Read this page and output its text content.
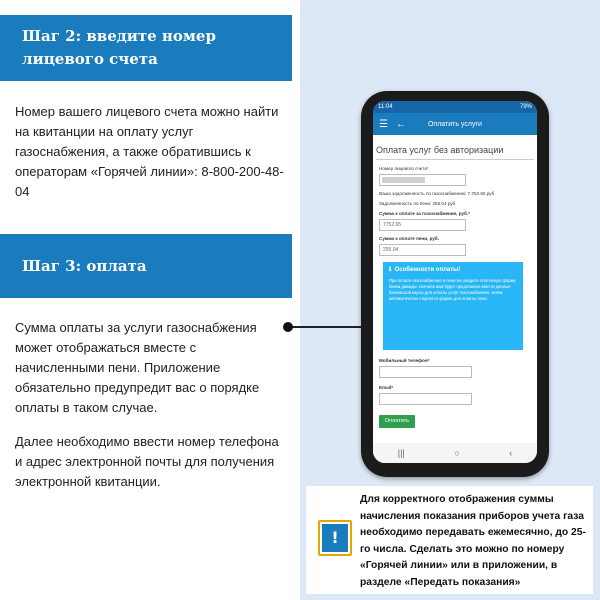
Шаг 2: введите номер лицевого счета

Номер вашего лицевого счета можно найти на квитанции на оплату услуг газоснабжения, а также обратившись к операторам «Горячей линии»: 8-800-200-48-04

Шаг 3: оплата

Сумма оплаты за услуги газоснабжения может отображаться вместе с начисленными пени. Приложение обязательно предупредит вас о порядке оплаты в таком случае.

Далее необходимо ввести номер телефона и адрес электронной почты для получения электронной квитанции.

11:04	79%
☰ ←	Оплатить услуги
Оплата услуг без авторизации
Номер лицевого счета*
Ваша задолженность по газоснабжению: 7,752.65 руб
Задолженность по пени: 255.04 руб
Сумма к оплате за газоснабжение, руб.*
7752.65
Сумма к оплате пени, руб.
255.04
ℹ Особенности оплаты!
При оплате газоснабжения и пени вы увидите платежную форму банка дважды: сначала вам будет предложено ввести данные банковской карты для оплаты услуг газоснабжения, затем автоматически откроется форма для оплаты пени.
Мобильный телефон*
Email*
Оплатить
|||	○	‹
!

Для корректного отображения суммы начисления показания приборов учета газа необходимо передавать ежемесячно, до 25-го числа. Сделать это можно по номеру «Горячей линии» или в приложении, в разделе «Передать показания»
